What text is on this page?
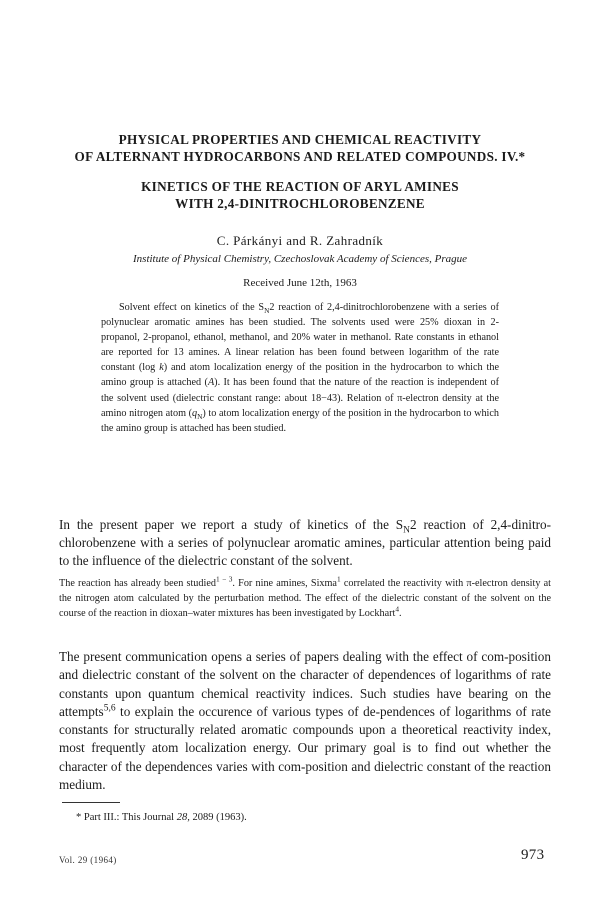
PHYSICAL PROPERTIES AND CHEMICAL REACTIVITY
OF ALTERNANT HYDROCARBONS AND RELATED COMPOUNDS. IV.*
KINETICS OF THE REACTION OF ARYL AMINES
WITH 2,4-DINITROCHLOROBENZENE
C. Párkányi and R. Zahradník
Institute of Physical Chemistry, Czechoslovak Academy of Sciences, Prague
Received June 12th, 1963

Solvent effect on kinetics of the $S_N2$ reaction of 2,4-dinitrochlorobenzene with a series of polynuclear aromatic amines has been studied. The solvents used were 25% dioxan in 2-propanol, 2-propanol, ethanol, methanol, and 20% water in methanol. Rate constants in ethanol are reported for 13 amines. A linear relation has been found between logarithm of the rate constant (log k) and atom localization energy of the position in the hydrocarbon to which the amino group is attached (A). It has been found that the nature of the reaction is independent of the solvent used (dielectric constant range: about 18−43). Relation of π-electron density at the amino nitrogen atom $(q_N)$ to atom localization energy of the position in the hydrocarbon to which the amino group is attached has been studied.

In the present paper we report a study of kinetics of the $S_N2$ reaction of 2,4-dinitro-chlorobenzene with a series of polynuclear aromatic amines, particular attention being paid to the influence of the dielectric constant of the solvent.

The reaction has already been studied$^{1 - 3}$. For nine amines, Sixma$^1$ correlated the reactivity with π-electron density at the nitrogen atom calculated by the perturbation method. The effect of the dielectric constant of the solvent on the course of the reaction in dioxan–water mixtures has been investigated by Lockhart$^4$.

The present communication opens a series of papers dealing with the effect of com-position and dielectric constant of the solvent on the character of dependences of logarithms of rate constants upon quantum chemical reactivity indices. Such studies have bearing on the attempts$^{5,6}$ to explain the occurence of various types of de-pendences of logarithms of rate constants for structurally related aromatic compounds upon a theoretical reactivity index, most frequently atom localization energy. Our primary goal is to find out whether the character of the dependences varies with com-position and dielectric constant of the reaction medium.

* Part III.: This Journal 28, 2089 (1963).
Vol. 29 (1964)	973
